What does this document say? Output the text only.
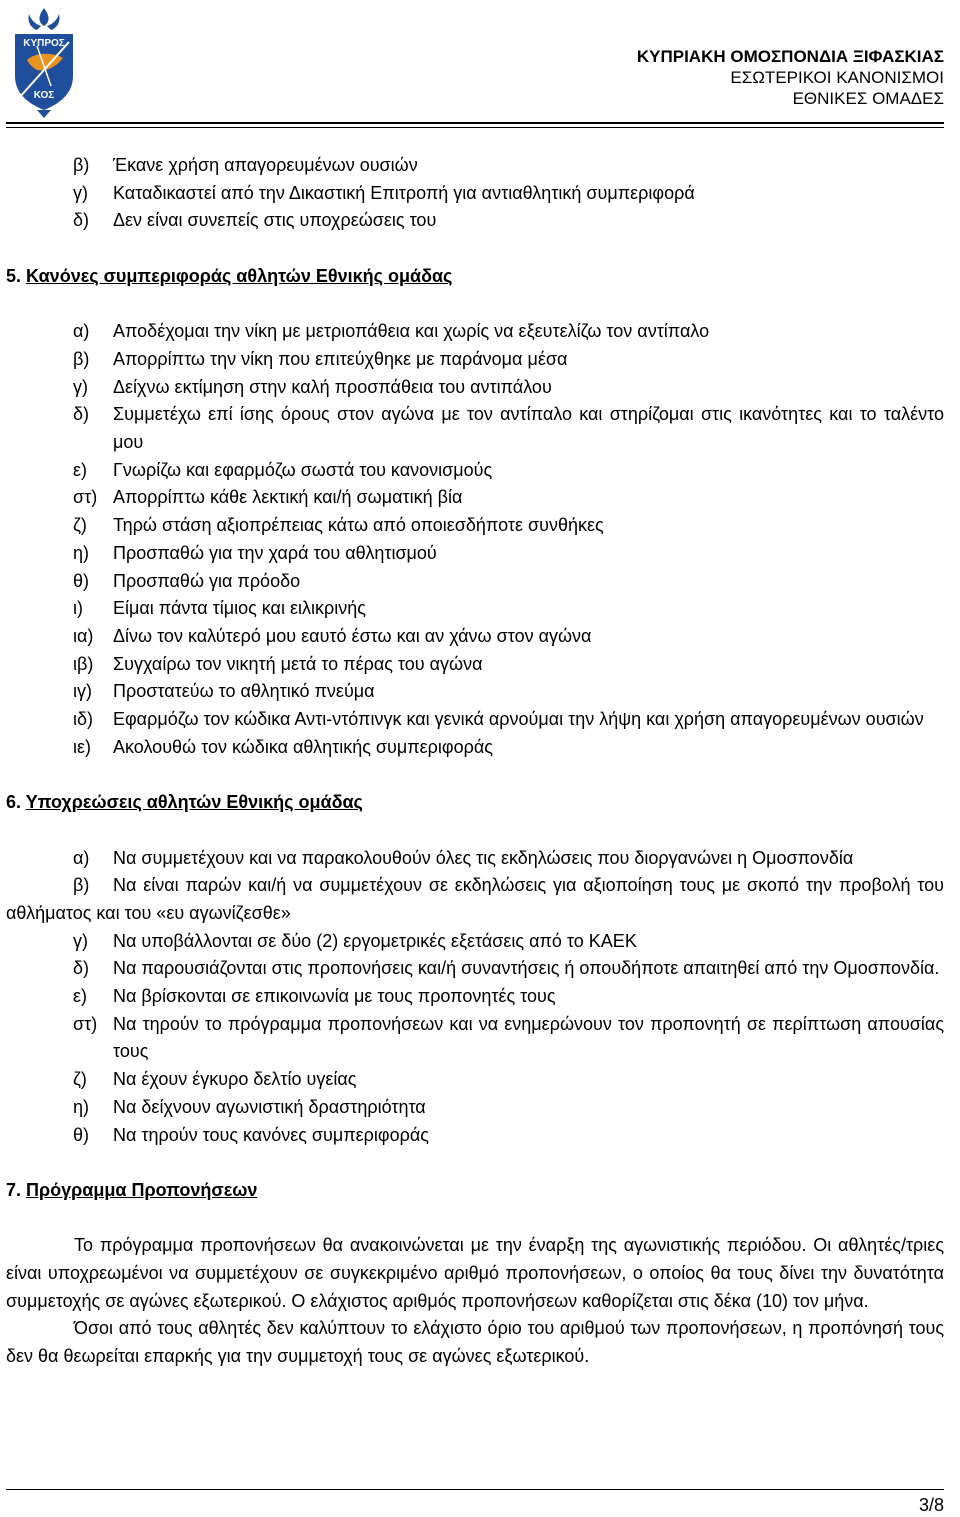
ΚΥΠΡΟΣ
ΚΟΣ
ΚΥΠΡΙΑΚΗ ΟΜΟΣΠΟΝΔΙΑ ΞΙΦΑΣΚΙΑΣ
ΕΣΩΤΕΡΙΚΟΙ ΚΑΝΟΝΙΣΜΟΙ
ΕΘΝΙΚΕΣ ΟΜΑΔΕΣ
β)	Έκανε χρήση απαγορευμένων ουσιών
γ)	Καταδικαστεί από την Δικαστική Επιτροπή για αντιαθλητική συμπεριφορά
δ)	Δεν είναι συνεπείς στις υποχρεώσεις του

5. Κανόνες συμπεριφοράς αθλητών Εθνικής ομάδας

α)	Αποδέχομαι την νίκη με μετριοπάθεια και χωρίς να εξευτελίζω τον αντίπαλο
β)	Απορρίπτω την νίκη που επιτεύχθηκε με παράνομα μέσα
γ)	Δείχνω εκτίμηση στην καλή προσπάθεια του αντιπάλου
δ)	Συμμετέχω επί ίσης όρους στον αγώνα με τον αντίπαλο και στηρίζομαι στις ικανότητες και το ταλέντο μου
ε)	Γνωρίζω και εφαρμόζω σωστά του κανονισμούς
στ) Απορρίπτω κάθε λεκτική και/ή σωματική βία
ζ)	Τηρώ στάση αξιοπρέπειας κάτω από οποιεσδήποτε συνθήκες
η)	Προσπαθώ για την χαρά του αθλητισμού
θ)	Προσπαθώ για πρόοδο
ι)	Είμαι πάντα τίμιος και ειλικρινής
ια)	Δίνω τον καλύτερό μου εαυτό έστω και αν χάνω στον αγώνα
ιβ)	Συγχαίρω τον νικητή μετά το πέρας του αγώνα
ιγ)	Προστατεύω το αθλητικό πνεύμα
ιδ)	Εφαρμόζω τον κώδικα Αντι-ντόπινγκ και γενικά αρνούμαι την λήψη και χρήση απαγορευμένων ουσιών
ιε)	Ακολουθώ τον κώδικα αθλητικής συμπεριφοράς

6. Υποχρεώσεις αθλητών Εθνικής ομάδας

α)	Να συμμετέχουν και να παρακολουθούν όλες τις εκδηλώσεις που διοργανώνει η Ομοσπονδία

β) Να είναι παρών και/ή να συμμετέχουν σε εκδηλώσεις για αξιοποίηση τους με σκοπό την προβολή του αθλήματος και του «ευ αγωνίζεσθε»

γ)	Να υποβάλλονται σε δύο (2) εργομετρικές εξετάσεις από το ΚΑΕΚ
δ)	Να παρουσιάζονται στις προπονήσεις και/ή συναντήσεις ή οπουδήποτε απαιτηθεί από την Ομοσπονδία.
ε)	Να βρίσκονται σε επικοινωνία με τους προπονητές τους
στ) Να τηρούν το πρόγραμμα προπονήσεων και να ενημερώνουν τον προπονητή σε περίπτωση απουσίας τους
ζ)	Να έχουν έγκυρο δελτίο υγείας
η)	Να δείχνουν αγωνιστική δραστηριότητα
θ)	Να τηρούν τους κανόνες συμπεριφοράς

7. Πρόγραμμα Προπονήσεων

Το πρόγραμμα προπονήσεων θα ανακοινώνεται με την έναρξη της αγωνιστικής περιόδου. Οι αθλητές/τριες είναι υποχρεωμένοι να συμμετέχουν σε συγκεκριμένο αριθμό προπονήσεων, ο οποίος θα τους δίνει την δυνατότητα συμμετοχής σε αγώνες εξωτερικού. Ο ελάχιστος αριθμός προπονήσεων καθορίζεται στις δέκα (10) τον μήνα.

Όσοι από τους αθλητές δεν καλύπτουν το ελάχιστο όριο του αριθμού των προπονήσεων, η προπόνησή τους δεν θα θεωρείται επαρκής για την συμμετοχή τους σε αγώνες εξωτερικού.

3/8
